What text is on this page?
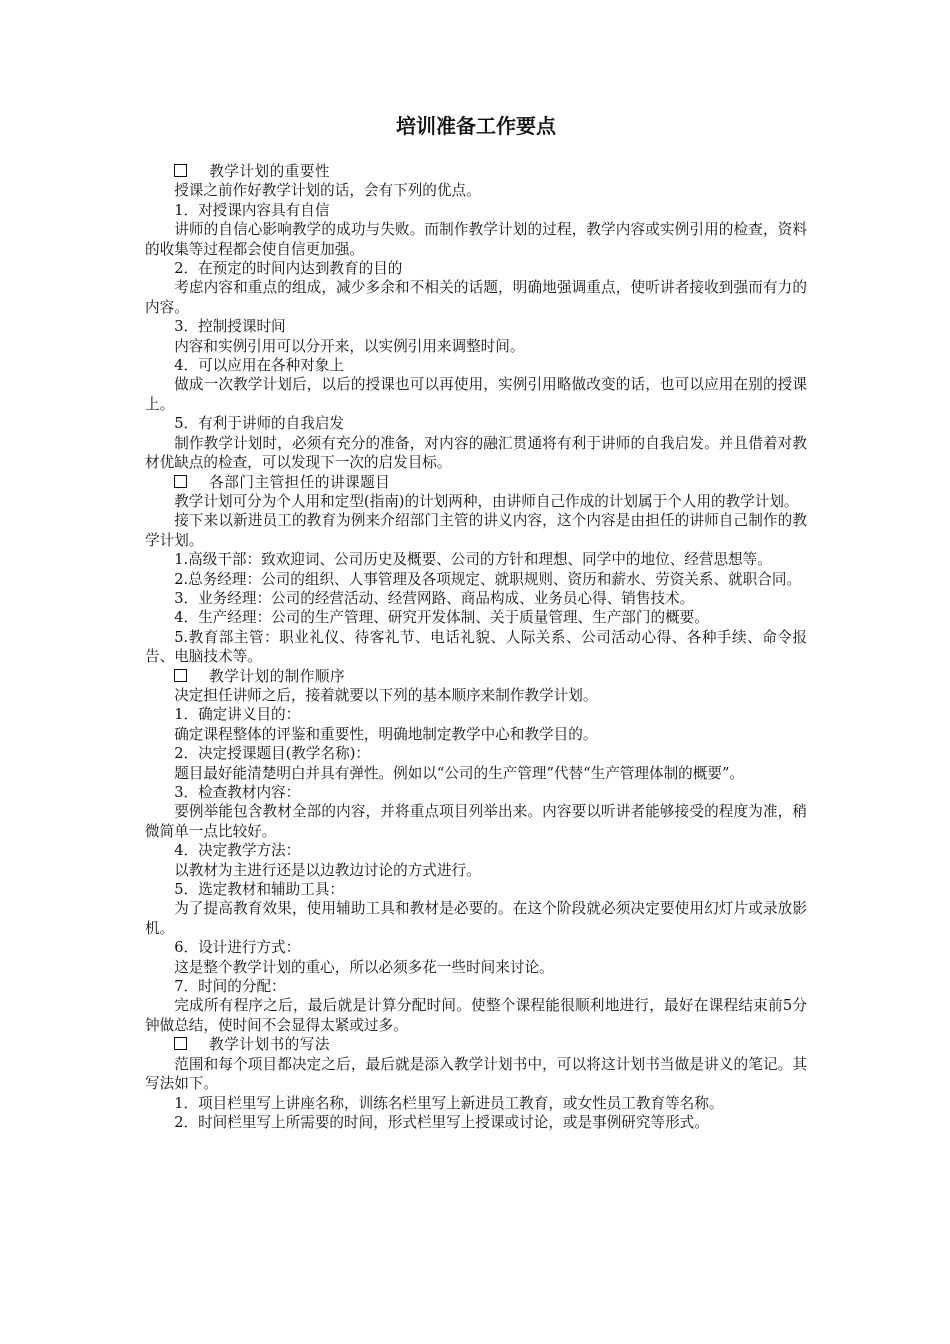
培训准备工作要点

教学计划的重要性

授课之前作好教学计划的话，会有下列的优点。

1．对授课内容具有自信

讲师的自信心影响教学的成功与失败。而制作教学计划的过程，教学内容或实例引用的检查，资料的收集等过程都会使自信更加强。

2．在预定的时间内达到教育的目的

考虑内容和重点的组成，减少多余和不相关的话题，明确地强调重点，使听讲者接收到强而有力的内容。

3．控制授课时间

内容和实例引用可以分开来，以实例引用来调整时间。

4．可以应用在各种对象上

做成一次教学计划后，以后的授课也可以再使用，实例引用略做改变的话，也可以应用在别的授课上。

5．有利于讲师的自我启发

制作教学计划时，必须有充分的准备，对内容的融汇贯通将有利于讲师的自我启发。并且借着对教材优缺点的检查，可以发现下一次的启发目标。

各部门主管担任的讲课题目

教学计划可分为个人用和定型(指南)的计划两种，由讲师自己作成的计划属于个人用的教学计划。

接下来以新进员工的教育为例来介绍部门主管的讲义内容，这个内容是由担任的讲师自己制作的教学计划。

1.高级干部：致欢迎词、公司历史及概要、公司的方针和理想、同学中的地位、经营思想等。

2.总务经理：公司的组织、人事管理及各项规定、就职规则、资历和薪水、劳资关系、就职合同。

3．业务经理：公司的经营活动、经营网路、商品构成、业务员心得、销售技术。

4．生产经理：公司的生产管理、研究开发体制、关于质量管理、生产部门的概要。

5.教育部主管：职业礼仪、待客礼节、电话礼貌、人际关系、公司活动心得、各种手续、命令报告、电脑技术等。

教学计划的制作顺序

决定担任讲师之后，接着就要以下列的基本顺序来制作教学计划。

1．确定讲义目的：

确定课程整体的评鉴和重要性，明确地制定教学中心和教学目的。

2．决定授课题目(教学名称)：

题目最好能清楚明白并具有弹性。例如以“公司的生产管理”代替“生产管理体制的概要”。

3．检查教材内容：

要例举能包含教材全部的内容，并将重点项目列举出来。内容要以听讲者能够接受的程度为准，稍微简单一点比较好。

4．决定教学方法：

以教材为主进行还是以边教边讨论的方式进行。

5．选定教材和辅助工具：

为了提高教育效果，使用辅助工具和教材是必要的。在这个阶段就必须决定要使用幻灯片或录放影机。

6．设计进行方式：

这是整个教学计划的重心，所以必须多花一些时间来讨论。

7．时间的分配：

完成所有程序之后，最后就是计算分配时间。使整个课程能很顺利地进行，最好在课程结束前5分钟做总结，使时间不会显得太紧或过多。

教学计划书的写法

范围和每个项目都决定之后，最后就是添入教学计划书中，可以将这计划书当做是讲义的笔记。其写法如下。

1．项目栏里写上讲座名称，训练名栏里写上新进员工教育，或女性员工教育等名称。

2．时间栏里写上所需要的时间，形式栏里写上授课或讨论，或是事例研究等形式。
